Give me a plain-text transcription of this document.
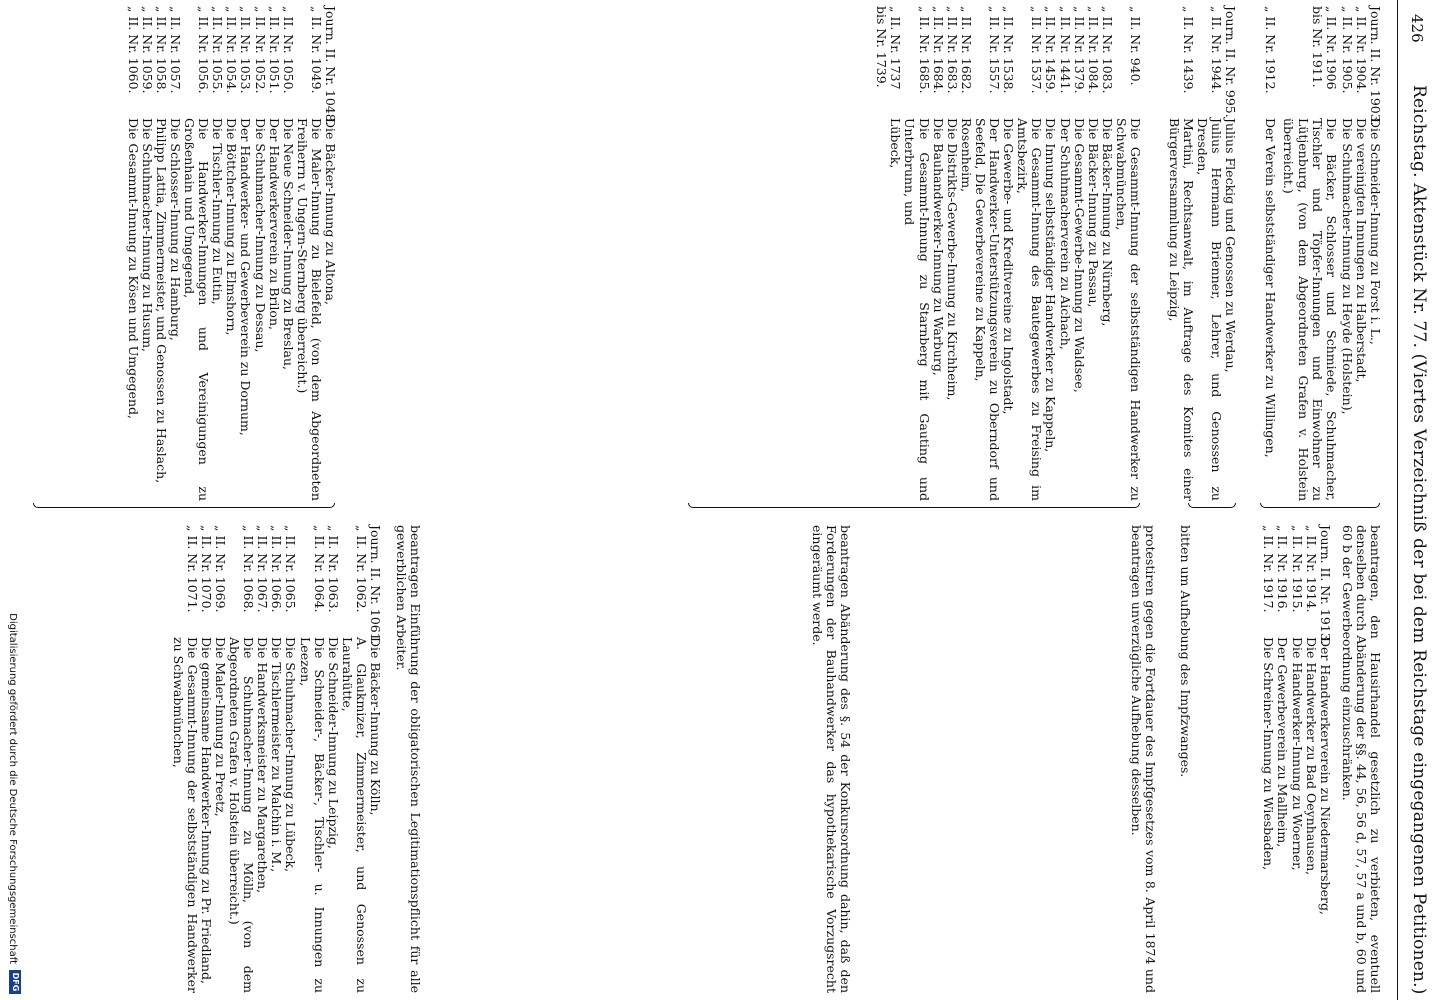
426
Reichstag. Aktenstück Nr. 77. (Viertes Verzeichniß der bei dem Reichstage eingegangenen Petitionen.)
Journ. II. Nr. 1903.
Die Schneider-Innung zu Forst i. L.,
„ II. Nr. 1904.
Die vereinigten Innungen zu Halberstadt,
„ II. Nr. 1905.
Die Schuhmacher-Innung zu Heyde (Holstein),
„ II. Nr. 1906 bis Nr. 1911.
Die Bäcker, Schlosser und Schmiede, Schuhmacher, Tischler und Töpfer-Innungen und Einwohner zu Lütjenburg, (von dem Abgeordneten Grafen v. Holstein überreicht.)
„ II. Nr. 1912.
Der Verein selbstständiger Handwerker zu Willingen,
beantragen, den Hausirhandel gesetzlich zu verbieten, eventuell denselben durch Abänderung der §§. 44, 56, 56 d, 57, 57 a und b, 60 und 60 b der Gewerbeordnung einzuschränken.
Journ. II. Nr. 1913.
Der Handwerkerverein zu Niedermarsberg,
„ II. Nr. 1914.
Die Handwerker zu Bad Oeynhausen,
„ II. Nr. 1915.
Die Handwerker-Innung zu Woerner,
„ II. Nr. 1916.
Der Gewerbeverein zu Mallheim,
„ II. Nr. 1917.
Die Schreiner-Innung zu Wiesbaden,
Journ. II. Nr. 995.
Julius Fleckig und Genossen zu Werdau,
„ II. Nr. 1944.
Julius Hermann Brienner, Lehrer, und Genossen zu Dresden,
„ II. Nr. 1439.
Martini, Rechtsanwalt, im Auftrage des Komites einer Bürgerversammlung zu Leipzig,
bitten um Aufhebung des Impfzwanges.
protestiren gegen die Fortdauer des Impfgesetzes vom 8. April 1874 und beantragen unverzügliche Aufhebung desselben.
„ II. Nr. 940.
Die Gesammt-Innung der selbstständigen Handwerker zu Schwabmünchen,
„ II. Nr. 1083.
Die Bäcker-Innung zu Nürnberg,
„ II. Nr. 1084.
Die Bäcker-Innung zu Passau,
„ II. Nr. 1379.
Die Gesammt-Gewerbe-Innung zu Waldsee,
„ II. Nr. 1441.
Der Schuhmacherverein zu Aichach,
„ II. Nr. 1459.
Die Innung selbstständiger Handwerker zu Kappeln,
„ II. Nr. 1537.
Die Gesammt-Innung des Bautegewerbes zu Freising im Amtsbezirk,
„ II. Nr. 1538.
Die Gewerbe- und Kreditvereine zu Ingolstadt,
„ II. Nr. 1557.
Der Handwerker-Unterstützungsverein zu Oberndorf und Seefeld, Die Gewerbevereine zu Kappeln,
„ II. Nr. 1682.
Rosenheim,
„ II. Nr. 1683.
Die Distrikts-Gewerbe-Innung zu Kirchheim,
„ II. Nr. 1684.
Die Bauhandwerker-Innung zu Warburg,
„ II. Nr. 1685.
Die Gesammt-Innung zu Starnberg mit Gauting und Unterbrunn, und
„ II. Nr. 1737 bis Nr. 1739.
Lübeck,
beantragen Abänderung des §. 54 der Konkursordnung dahin, daß den Forderungen der Bauhandwerker das hypothekarische Vorzugsrecht eingeräumt werde.
Journ. II. Nr. 1048.
Die Bäcker-Innung zu Altona,
„ II. Nr. 1049.
Die Maler-Innung zu Bielefeld, (von dem Abgeordneten Freiherrn v. Ungern-Sternberg überreicht.)
„ II. Nr. 1050.
Die Neue Schneider-Innung zu Breslau,
„ II. Nr. 1051.
Der Handwerkerverein zu Brilon,
„ II. Nr. 1052.
Die Schuhmacher-Innung zu Dessau,
„ II. Nr. 1053.
Der Handwerker- und Gewerbeverein zu Dornum,
„ II. Nr. 1054.
Die Böttcher-Innung zu Elmshorn,
„ II. Nr. 1055.
Die Tischler-Innung zu Eutin,
„ II. Nr. 1056.
Die Handwerker-Innungen und Vereinigungen zu Großenhain und Umgegend,
„ II. Nr. 1057.
Die Schlosser-Innung zu Hamburg,
„ II. Nr. 1058.
Philipp Lattia, Zimmermeister, und Genossen zu Haslach,
„ II. Nr. 1059.
Die Schuhmacher-Innung zu Husum,
„ II. Nr. 1060.
Die Gesammt-Innung zu Kösen und Umgegend,
beantragen Einführung der obligatorischen Legitimationspflicht für alle gewerblichen Arbeiter.
Journ. II. Nr. 1061.
Die Bäcker-Innung zu Kölln,
„ II. Nr. 1062.
A. Glaukmizer, Zimmermeister, und Genossen zu Laurahütte,
„ II. Nr. 1063.
Die Schneider-Innung zu Leipzig,
„ II. Nr. 1064.
Die Schneider-, Bäcker-, Tischler- u. Innungen zu Leezen,
„ II. Nr. 1065.
Die Schuhmacher-Innung zu Lübeck,
„ II. Nr. 1066.
Die Tischlermeister zu Malchin i. M.,
„ II. Nr. 1067.
Die Handwerksmeister zu Margarethen,
„ II. Nr. 1068.
Die Schuhmacher-Innung zu Mölln, (von dem Abgeordneten Grafen v. Holstein überreicht.)
„ II. Nr. 1069.
Die Maler-Innung zu Preetz,
„ II. Nr. 1070.
Die gemeinsame Handwerker-Innung zu Pr. Friedland,
„ II. Nr. 1071.
Die Gesammt-Innung der selbstständigen Handwerker zu Schwabmünchen,
Digitalisierung gefördert durch die Deutsche Forschungsgemeinschaft
DFG
